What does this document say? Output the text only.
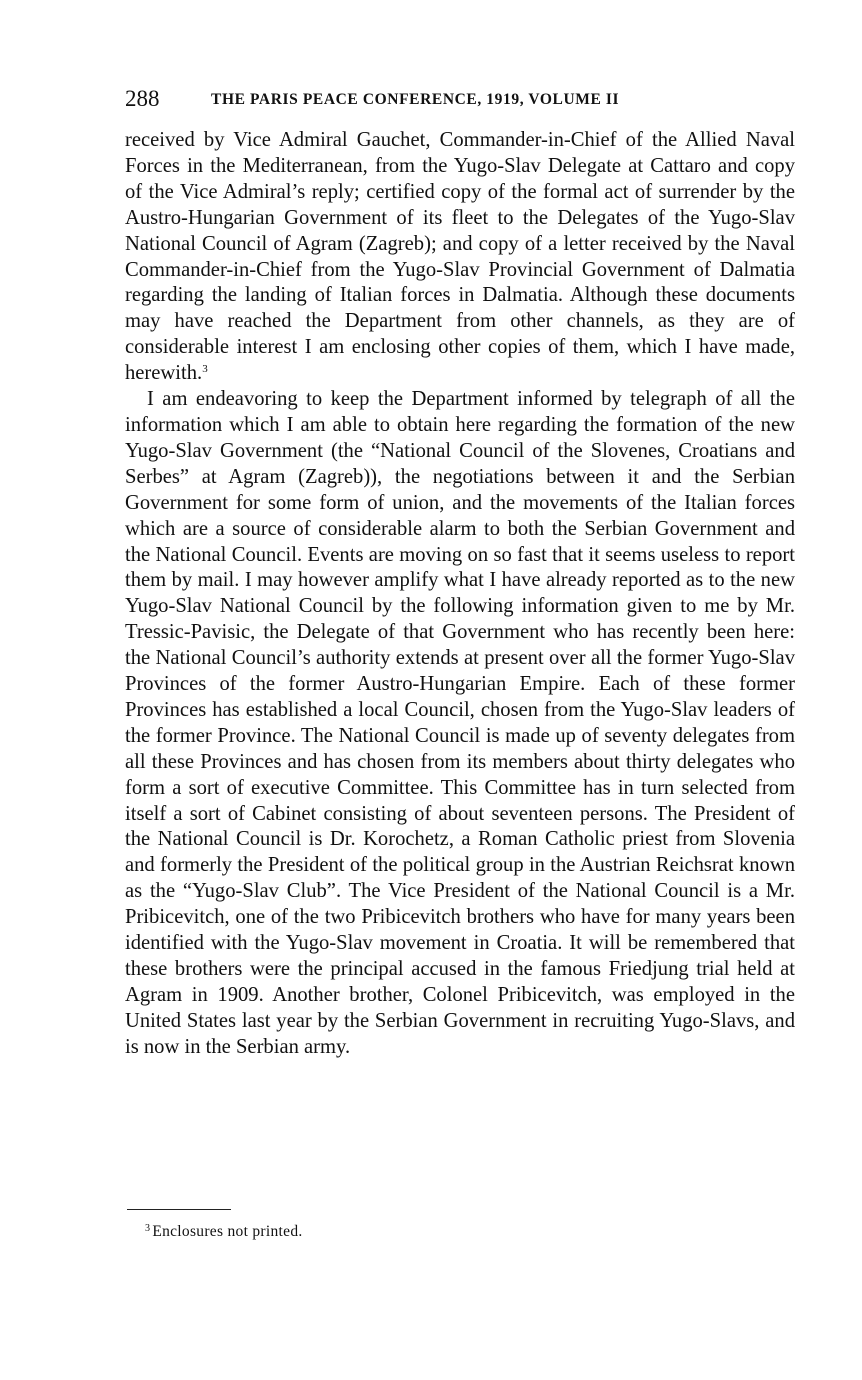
288	THE PARIS PEACE CONFERENCE, 1919, VOLUME II

received by Vice Admiral Gauchet, Commander-in-Chief of the Allied Naval Forces in the Mediterranean, from the Yugo-Slav Delegate at Cattaro and copy of the Vice Admiral’s reply; certified copy of the formal act of surrender by the Austro-Hungarian Government of its fleet to the Delegates of the Yugo-Slav National Council of Agram (Zagreb); and copy of a letter received by the Naval Commander-in-Chief from the Yugo-Slav Provincial Government of Dalmatia regarding the landing of Italian forces in Dalmatia. Although these documents may have reached the Department from other channels, as they are of considerable interest I am enclosing other copies of them, which I have made, herewith.$^3$

I am endeavoring to keep the Department informed by telegraph of all the information which I am able to obtain here regarding the formation of the new Yugo-Slav Government (the “National Council of the Slovenes, Croatians and Serbes” at Agram (Zagreb)), the negotiations between it and the Serbian Government for some form of union, and the movements of the Italian forces which are a source of considerable alarm to both the Serbian Government and the National Council. Events are moving on so fast that it seems useless to report them by mail. I may however amplify what I have already reported as to the new Yugo-Slav National Council by the following information given to me by Mr. Tressic-Pavisic, the Delegate of that Government who has recently been here: the National Council’s authority extends at present over all the former Yugo-Slav Provinces of the former Austro-Hungarian Empire. Each of these former Provinces has established a local Council, chosen from the Yugo-Slav leaders of the former Province. The National Council is made up of seventy delegates from all these Provinces and has chosen from its members about thirty delegates who form a sort of executive Committee. This Committee has in turn selected from itself a sort of Cabinet consisting of about seventeen persons. The President of the National Council is Dr. Korochetz, a Roman Catholic priest from Slovenia and formerly the President of the political group in the Austrian Reichsrat known as the “Yugo-Slav Club”. The Vice President of the National Council is a Mr. Pribicevitch, one of the two Pribicevitch brothers who have for many years been identified with the Yugo-Slav movement in Croatia. It will be remembered that these brothers were the principal accused in the famous Friedjung trial held at Agram in 1909. Another brother, Colonel Pribicevitch, was employed in the United States last year by the Serbian Government in recruiting Yugo-Slavs, and is now in the Serbian army.

$^3$ Enclosures not printed.
